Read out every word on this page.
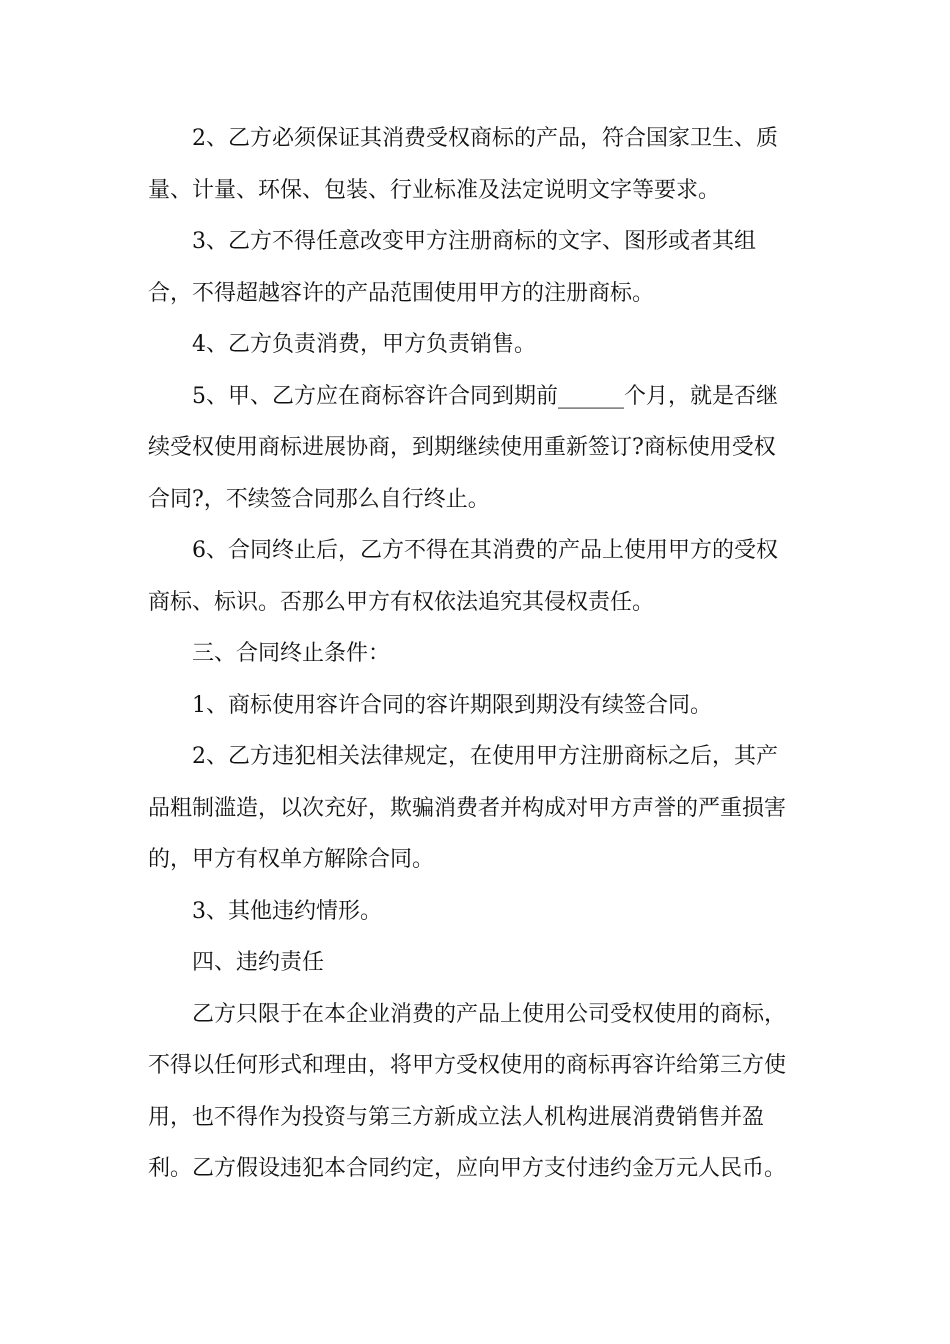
2、乙方必须保证其消费受权商标的产品，符合国家卫生、质
量、计量、环保、包装、行业标准及法定说明文字等要求。
3、乙方不得任意改变甲方注册商标的文字、图形或者其组
合，不得超越容许的产品范围使用甲方的注册商标。
4、乙方负责消费，甲方负责销售。
5、甲、乙方应在商标容许合同到期前______个月，就是否继
续受权使用商标进展协商，到期继续使用重新签订?商标使用受权
合同?，不续签合同那么自行终止。
6、合同终止后，乙方不得在其消费的产品上使用甲方的受权
商标、标识。否那么甲方有权依法追究其侵权责任。
三、合同终止条件：
1、商标使用容许合同的容许期限到期没有续签合同。
2、乙方违犯相关法律规定，在使用甲方注册商标之后，其产
品粗制滥造，以次充好，欺骗消费者并构成对甲方声誉的严重损害
的，甲方有权单方解除合同。
3、其他违约情形。
四、违约责任
乙方只限于在本企业消费的产品上使用公司受权使用的商标，
不得以任何形式和理由，将甲方受权使用的商标再容许给第三方使
用，也不得作为投资与第三方新成立法人机构进展消费销售并盈
利。乙方假设违犯本合同约定，应向甲方支付违约金万元人民币。
